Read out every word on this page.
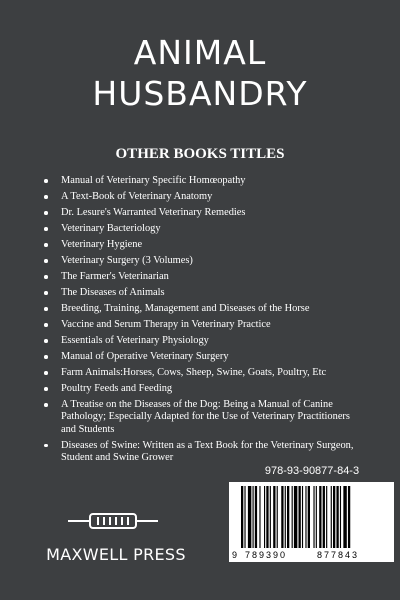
ANIMAL
HUSBANDRY
OTHER BOOKS TITLES
Manual of Veterinary Specific Homœopathy
A Text-Book of Veterinary Anatomy
Dr. Lesure's Warranted Veterinary Remedies
Veterinary Bacteriology
Veterinary Hygiene
Veterinary Surgery (3 Volumes)
The Farmer's Veterinarian
The Diseases of Animals
Breeding, Training, Management and Diseases of the Horse
Vaccine and Serum Therapy in Veterinary Practice
Essentials of Veterinary Physiology
Manual of Operative Veterinary Surgery
Farm Animals:Horses, Cows, Sheep, Swine, Goats, Poultry, Etc
Poultry Feeds and Feeding
A Treatise on the Diseases of the Dog: Being a Manual of Canine Pathology; Especially Adapted for the Use of Veterinary Practitioners and Students
Diseases of Swine: Written as a Text Book for the Veterinary Surgeon, Student and Swine Grower
978-93-90877-84-3
9 789390	877843
MAXWELL PRESS
